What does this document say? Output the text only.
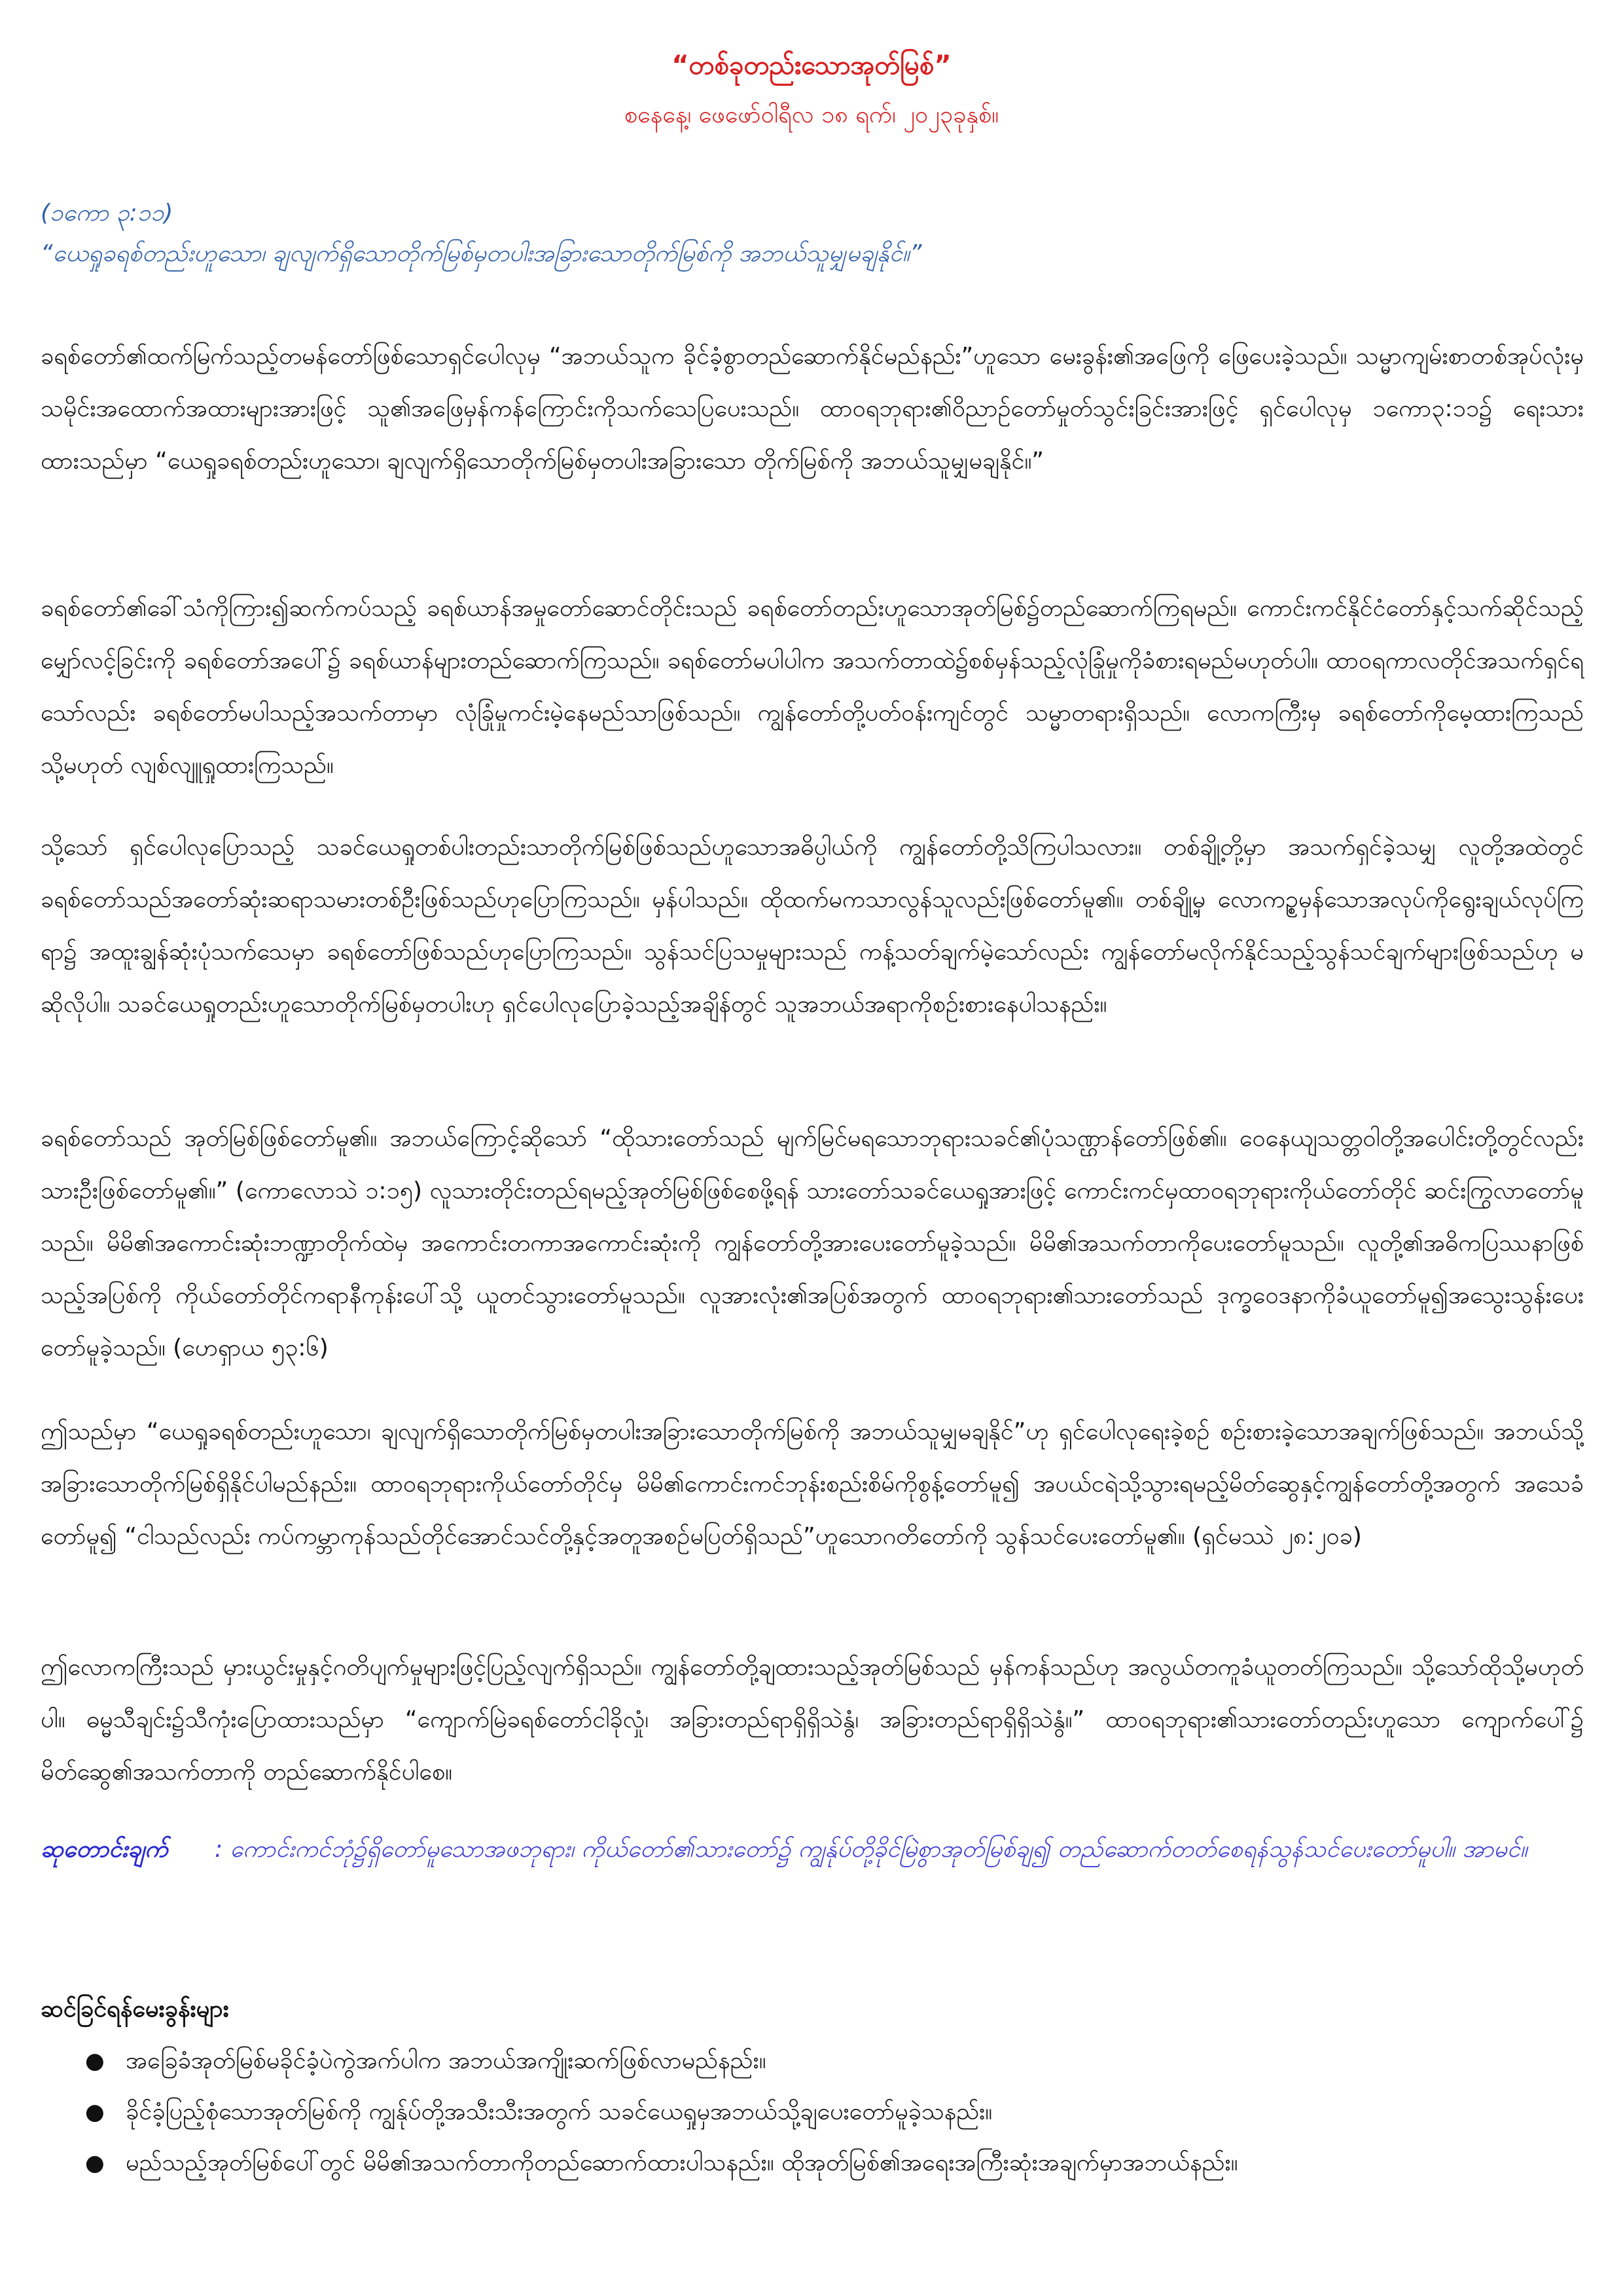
“တစ်ခုတည်းသောအုတ်မြစ်”
စနေနေ့၊ ဖေဖော်ဝါရီလ ၁၈ ရက်၊ ၂၀၂၃ခုနှစ်။
(၁ကော ၃:၁၁)
“ယေရှုခရစ်တည်းဟူသော၊ ချလျက်ရှိသောတိုက်မြစ်မှတပါးအခြားသောတိုက်မြစ်ကို အဘယ်သူမျှမချနိုင်။”

ခရစ်တော်၏ထက်မြက်သည့်တမန်တော်ဖြစ်သောရှင်ပေါလုမှ “အဘယ်သူက ခိုင်ခံ့စွာတည်ဆောက်နိုင်မည်နည်း”ဟူသော မေးခွန်း၏အဖြေကို ဖြေပေးခဲ့သည်။ သမ္မာကျမ်းစာတစ်အုပ်လုံးမှ သမိုင်းအထောက်အထားများအားဖြင့် သူ၏အဖြေမှန်ကန်ကြောင်းကိုသက်သေပြပေးသည်။ ထာဝရဘုရား၏ဝိညာဉ်တော်မှုတ်သွင်းခြင်းအားဖြင့် ရှင်ပေါလုမှ ၁ကော၃:၁၁၌ ရေးသားထားသည်မှာ “ယေရှုခရစ်တည်းဟူသော၊ ချလျက်ရှိသောတိုက်မြစ်မှတပါးအခြားသော တိုက်မြစ်ကို အဘယ်သူမျှမချနိုင်။”

ခရစ်တော်၏ခေါ်သံကိုကြား၍ဆက်ကပ်သည့် ခရစ်ယာန်အမှုတော်ဆောင်တိုင်းသည် ခရစ်တော်တည်းဟူသောအုတ်မြစ်၌တည်ဆောက်ကြရမည်။ ကောင်းကင်နိုင်ငံတော်နှင့်သက်ဆိုင်သည့်မျှော်လင့်ခြင်းကို ခရစ်တော်အပေါ်၌ ခရစ်ယာန်များတည်ဆောက်ကြသည်။ ခရစ်တော်မပါပါက အသက်တာထဲ၌စစ်မှန်သည့်လုံခြုံမှုကိုခံစားရမည်မဟုတ်ပါ။ ထာဝရကာလတိုင်အသက်ရှင်ရသော်လည်း ခရစ်တော်မပါသည့်အသက်တာမှာ လုံခြုံမှုကင်းမဲ့နေမည်သာဖြစ်သည်။ ကျွန်တော်တို့ပတ်ဝန်းကျင်တွင် သမ္မာတရားရှိသည်။ လောကကြီးမှ ခရစ်တော်ကိုမေ့ထားကြသည် သို့မဟုတ် လျစ်လျူရှုထားကြသည်။

သို့သော် ရှင်ပေါလုပြောသည့် သခင်ယေရှုတစ်ပါးတည်းသာတိုက်မြစ်ဖြစ်သည်ဟူသောအဓိပ္ပါယ်ကို ကျွန်တော်တို့သိကြပါသလား။ တစ်ချို့တို့မှာ အသက်ရှင်ခဲ့သမျှ လူတို့အထဲတွင် ခရစ်တော်သည်အတော်ဆုံးဆရာသမားတစ်ဦးဖြစ်သည်ဟုပြောကြသည်။ မှန်ပါသည်။ ထိုထက်မကသာလွန်သူလည်းဖြစ်တော်မူ၏။ တစ်ချို့မှ လောကဥ္စမှန်သောအလုပ်ကိုရွေးချယ်လုပ်ကြရာ၌ အထူးချွန်ဆုံးပုံသက်သေမှာ ခရစ်တော်ဖြစ်သည်ဟုပြောကြသည်။ သွန်သင်ပြသမှုများသည် ကန့်သတ်ချက်မဲ့သော်လည်း ကျွန်တော်မလိုက်နိုင်သည့်သွန်သင်ချက်များဖြစ်သည်ဟု မဆိုလိုပါ။ သခင်ယေရှုတည်းဟူသောတိုက်မြစ်မှတပါးဟု ရှင်ပေါလုပြောခဲ့သည့်အချိန်တွင် သူအဘယ်အရာကိုစဉ်းစားနေပါသနည်း။

ခရစ်တော်သည် အုတ်မြစ်ဖြစ်တော်မူ၏။ အဘယ်ကြောင့်ဆိုသော် “ထိုသားတော်သည် မျက်မြင်မရသောဘုရားသခင်၏ပုံသဏ္ဌာန်တော်ဖြစ်၏။ ဝေနေယျသတ္တဝါတို့အပေါင်းတို့တွင်လည်း သားဦးဖြစ်တော်မူ၏။” (ကောလောသဲ ၁:၁၅) လူသားတိုင်းတည်ရမည့်အုတ်မြစ်ဖြစ်စေဖို့ရန် သားတော်သခင်ယေရှုအားဖြင့် ကောင်းကင်မှထာဝရဘုရားကိုယ်တော်တိုင် ဆင်းကြွလာတော်မူသည်။ မိမိ၏အကောင်းဆုံးဘဏ္ဍာတိုက်ထဲမှ အကောင်းတကာအကောင်းဆုံးကို ကျွန်တော်တို့အားပေးတော်မူခဲ့သည်။ မိမိ၏အသက်တာကိုပေးတော်မူသည်။ လူတို့၏အဓိကပြဿနာဖြစ်သည့်အပြစ်ကို ကိုယ်တော်တိုင်ကရာနီကုန်းပေါ်သို့ ယူတင်သွားတော်မူသည်။ လူအားလုံး၏အပြစ်အတွက် ထာဝရဘုရား၏သားတော်သည် ဒုက္ခဝေဒနာကိုခံယူတော်မူ၍အသွေးသွန်းပေးတော်မူခဲ့သည်။ (ဟေရှာယ ၅၃:၆)

ဤသည်မှာ “ယေရှုခရစ်တည်းဟူသော၊ ချလျက်ရှိသောတိုက်မြစ်မှတပါးအခြားသောတိုက်မြစ်ကို အဘယ်သူမျှမချနိုင်”ဟု ရှင်ပေါလုရေးခဲ့စဉ် စဉ်းစားခဲ့သောအချက်ဖြစ်သည်။ အဘယ်သို့အခြားသောတိုက်မြစ်ရှိနိုင်ပါမည်နည်း။ ထာဝရဘုရားကိုယ်တော်တိုင်မှ မိမိ၏ကောင်းကင်ဘုန်းစည်းစိမ်ကိုစွန့်တော်မူ၍ အပယ်ငရဲသို့သွားရမည့်မိတ်ဆွေနှင့်ကျွန်တော်တို့အတွက် အသေခံတော်မူ၍ “ငါသည်လည်း ကပ်ကမ္ဘာကုန်သည်တိုင်အောင်သင်တို့နှင့်အတူအစဉ်မပြတ်ရှိသည်”ဟူသောဂတိတော်ကို သွန်သင်ပေးတော်မူ၏။ (ရှင်မဿဲ ၂၈:၂၀ခ)

ဤလောကကြီးသည် မှားယွင်းမှုနှင့်ဂတိပျက်မှုများဖြင့်ပြည့်လျက်ရှိသည်။ ကျွန်တော်တို့ချထားသည့်အုတ်မြစ်သည် မှန်ကန်သည်ဟု အလွယ်တကူခံယူတတ်ကြသည်။ သို့သော်ထိုသို့မဟုတ်ပါ။ ဓမ္မသီချင်း၌သီကုံးပြောထားသည်မှာ “ကျောက်မြဲခရစ်တော်ငါခိုလှုံ၊ အခြားတည်ရာရှိရှိသဲနွံ၊ အခြားတည်ရာရှိရှိသဲနွံ။” ထာဝရဘုရား၏သားတော်တည်းဟူသော ကျောက်ပေါ်၌ မိတ်ဆွေ၏အသက်တာကို တည်ဆောက်နိုင်ပါစေ။

ဆုတောင်းချက် : ကောင်းကင်ဘုံ၌ရှိတော်မူသောအဖဘုရား၊ ကိုယ်တော်၏သားတော်၌ ကျွန်ုပ်တို့ခိုင်မြဲစွာအုတ်မြစ်ချ၍ တည်ဆောက်တတ်စေရန်သွန်သင်ပေးတော်မူပါ။ အာမင်။
ဆင်ခြင်ရန်မေးခွန်းများ
● အခြေခံအုတ်မြစ်မခိုင်ခံ့ပဲကွဲအက်ပါက အဘယ်အကျိုးဆက်ဖြစ်လာမည်နည်း။
● ခိုင်ခံ့ပြည့်စုံသောအုတ်မြစ်ကို ကျွန်ုပ်တို့အသီးသီးအတွက် သခင်ယေရှုမှအဘယ်သို့ချပေးတော်မူခဲ့သနည်း။
● မည်သည့်အုတ်မြစ်ပေါ်တွင် မိမိ၏အသက်တာကိုတည်ဆောက်ထားပါသနည်း။ ထိုအုတ်မြစ်၏အရေးအကြီးဆုံးအချက်မှာအဘယ်နည်း။
